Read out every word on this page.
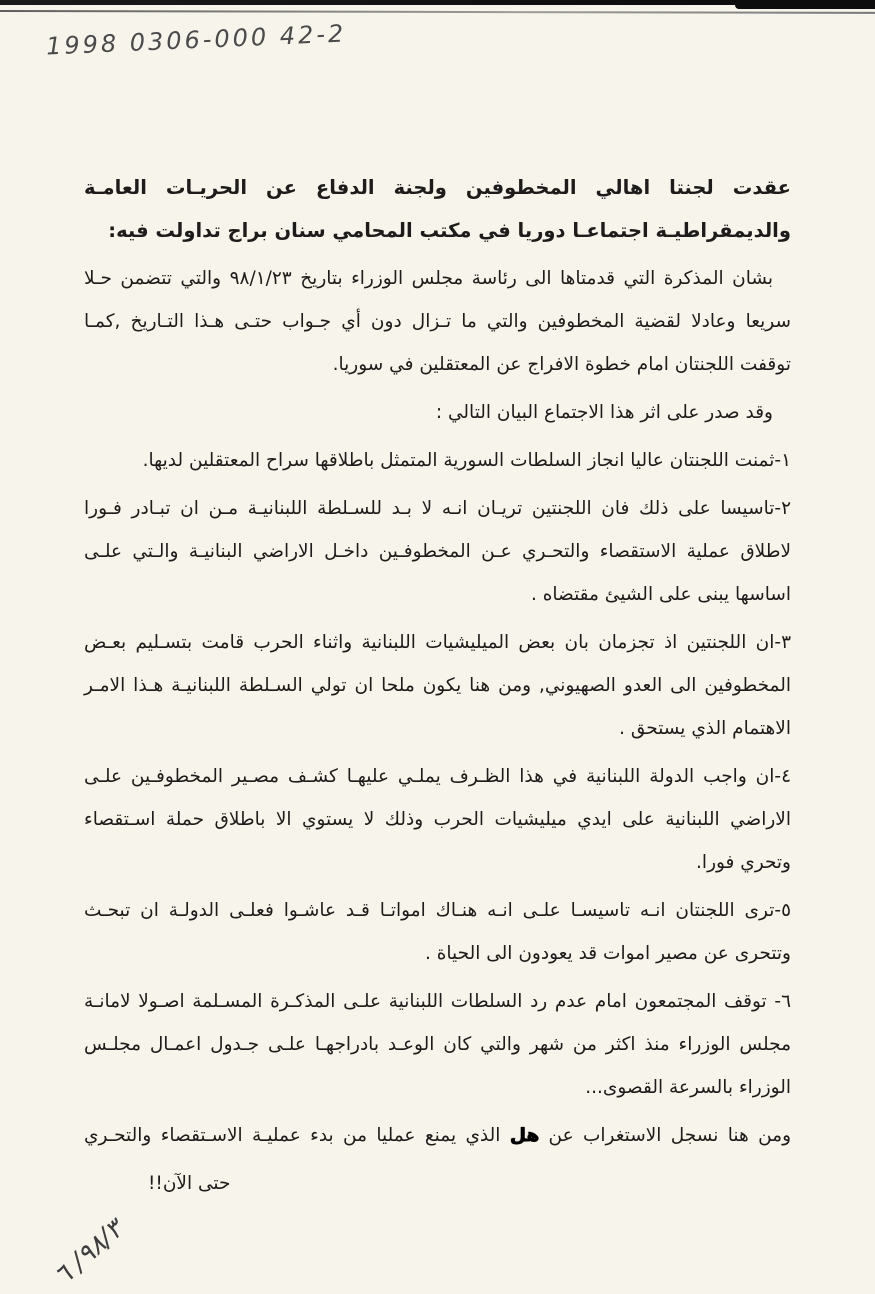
1998 0306-000 42-2

عقدت لجنتا اهالي المخطوفين ولجنة الدفاع عن الحريـات العامـة والديمقراطيـة اجتماعـا دوريا في مكتب المحامي سنان براج تداولت فيه:

بشان المذكرة التي قدمتاها الى رئاسة مجلس الوزراء بتاريخ ٩٨/١/٢٣ والتي تتضمن حـلا سريعا وعادلا لقضية المخطوفين والتي ما تـزال دون أي جـواب حتـى هـذا التـاريخ ,كمـا توقفت اللجنتان امام خطوة الافراج عن المعتقلين في سوريا.

وقد صدر على اثر هذا الاجتماع البيان التالي :

١-ثمنت اللجنتان عاليا انجاز السلطات السورية المتمثل باطلاقها سراح المعتقلين لديها.

٢-تاسيسا على ذلك فان اللجنتين تريـان انـه لا بـد للسـلطة اللبنانيـة مـن ان تبـادر فـورا لاطلاق عملية الاستقصاء والتحـري عـن المخطوفـين داخـل الاراضي البنانيـة والـتي علـى اساسها يبنى على الشيئ مقتضاه .

٣-ان اللجنتين اذ تجزمان بان بعض الميليشيات اللبنانية واثناء الحرب قامت بتسـليم بعـض المخطوفين الى العدو الصهيوني, ومن هنا يكون ملحا ان تولي السـلطة اللبنانيـة هـذا الامـر الاهتمام الذي يستحق .

٤-ان واجب الدولة اللبنانية في هذا الظـرف يملـي عليهـا كشـف مصـير المخطوفـين علـى الاراضي اللبنانية على ايدي ميليشيات الحرب وذلك لا يستوي الا باطلاق حملة اسـتقصاء وتحري فورا.

٥-ترى اللجنتان انـه تاسيسـا علـى انـه هنـاك امواتـا قـد عاشـوا فعلـى الدولـة ان تبحـث وتتحرى عن مصير اموات قد يعودون الى الحياة .

٦- توقف المجتمعون امام عدم رد السلطات اللبنانية علـى المذكـرة المسـلمة اصـولا لامانـة مجلس الوزراء منذ اكثر من شهر والتي كان الوعـد بادراجهـا علـى جـدول اعمـال مجلـس الوزراء بالسرعة القصوى...

ومن هنا نسجل الاستغراب عن هل الذي يمنع عمليا من بدء عمليـة الاسـتقصاء والتحـري

حتى الآن!!

٩٨/٣/ ٦
